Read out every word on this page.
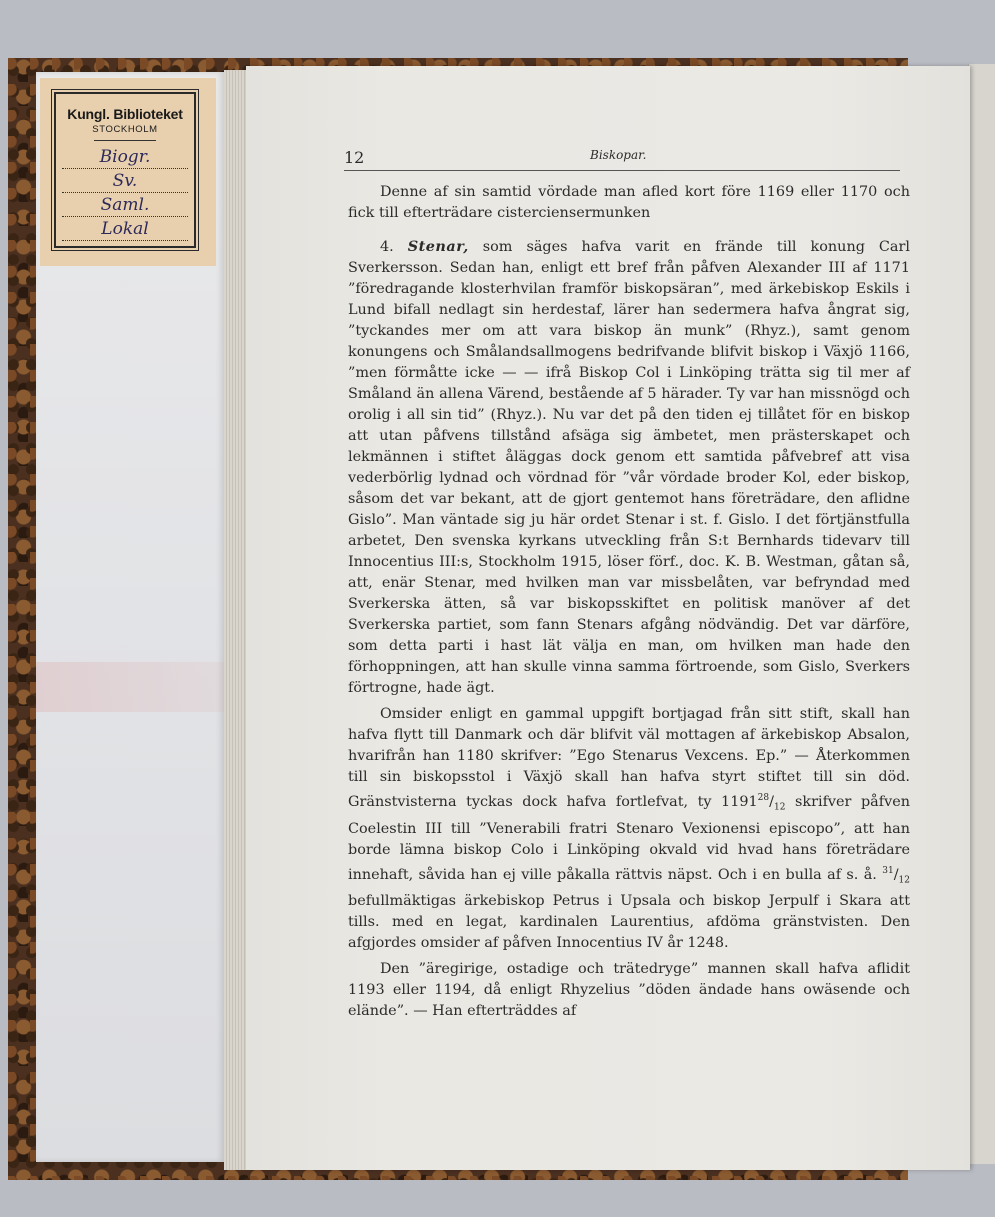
Kungl. Biblioteket
STOCKHOLM
Biogr.
Sv.
Saml.
Lokal
12	Biskopar.

Denne af sin samtid vördade man afled kort före 1169 eller 1170 och fick till efterträdare cisterciensermunken

4. Stenar, som säges hafva varit en frände till konung Carl Sverkersson. Sedan han, enligt ett bref från påfven Alexander III af 1171 ”föredragande klosterhvilan framför biskopsäran”, med ärkebiskop Eskils i Lund bifall nedlagt sin herdestaf, lärer han sedermera hafva ångrat sig, ”tyckandes mer om att vara biskop än munk” (Rhyz.), samt genom konungens och Smålandsallmogens bedrifvande blifvit biskop i Växjö 1166, ”men förmåtte icke — — ifrå Biskop Col i Linköping trätta sig til mer af Småland än allena Värend, bestående af 5 härader. Ty var han missnögd och orolig i all sin tid” (Rhyz.). Nu var det på den tiden ej tillåtet för en biskop att utan påfvens tillstånd afsäga sig ämbetet, men prästerskapet och lekmännen i stiftet åläggas dock genom ett samtida påfvebref att visa vederbörlig lydnad och vördnad för ”vår vördade broder Kol, eder biskop, såsom det var bekant, att de gjort gentemot hans företrädare, den aflidne Gislo”. Man väntade sig ju här ordet Stenar i st. f. Gislo. I det förtjänstfulla arbetet, Den svenska kyrkans utveckling från S:t Bernhards tidevarv till Innocentius III:s, Stockholm 1915, löser förf., doc. K. B. Westman, gåtan så, att, enär Stenar, med hvilken man var missbelåten, var befryndad med Sverkerska ätten, så var biskopsskiftet en politisk manöver af det Sverkerska partiet, som fann Stenars afgång nödvändig. Det var därföre, som detta parti i hast lät välja en man, om hvilken man hade den förhoppningen, att han skulle vinna samma förtroende, som Gislo, Sverkers förtrogne, hade ägt.

Omsider enligt en gammal uppgift bortjagad från sitt stift, skall han hafva flytt till Danmark och där blifvit väl mottagen af ärkebiskop Absalon, hvarifrån han 1180 skrifver: ”Ego Stenarus Vexcens. Ep.” — Återkommen till sin biskopsstol i Växjö skall han hafva styrt stiftet till sin död. Gränstvisterna tyckas dock hafva fortlefvat, ty $1191^{28}/_{12}$ skrifver påfven Coelestin III till ”Venerabili fratri Stenaro Vexionensi episcopo”, att han borde lämna biskop Colo i Linköping okvald vid hvad hans företrädare innehaft, såvida han ej ville påkalla rättvis näpst. Och i en bulla af s. å. $^{31}/_{12}$ befullmäktigas ärkebiskop Petrus i Upsala och biskop Jerpulf i Skara att tills. med en legat, kardinalen Laurentius, afdöma gränstvisten. Den afgjordes omsider af påfven Innocentius IV år 1248.

Den ”äregirige, ostadige och trätedryge” mannen skall hafva aflidit 1193 eller 1194, då enligt Rhyzelius ”döden ändade hans owäsende och elände”. — Han efterträddes af
